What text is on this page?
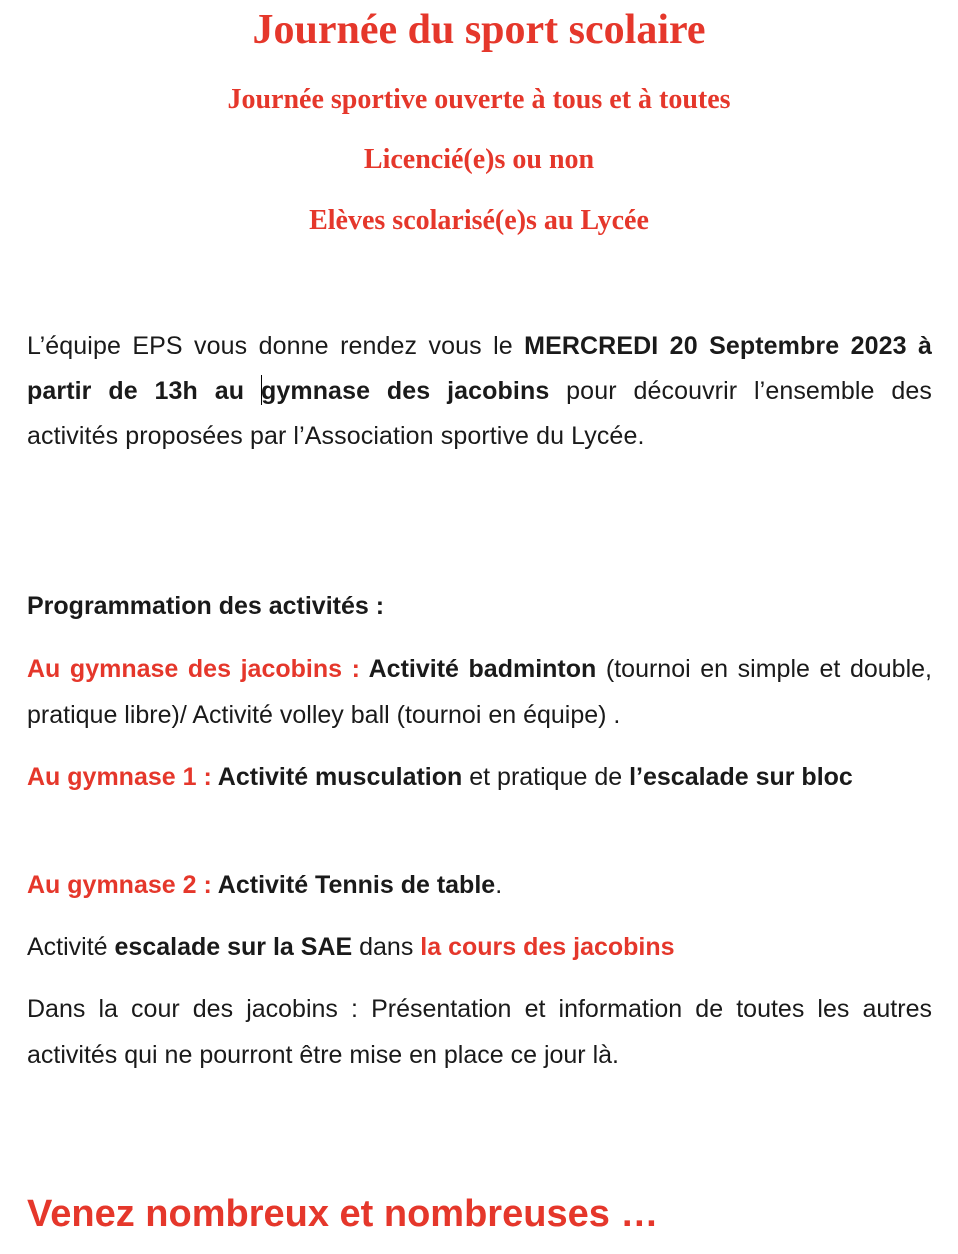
Journée du sport scolaire

Journée sportive ouverte à tous et à toutes

Licencié(e)s ou non

Elèves scolarisé(e)s au Lycée

L’équipe EPS vous donne rendez vous le MERCREDI 20 Septembre 2023 à partir de 13h au gymnase des jacobins pour découvrir l’ensemble des activités proposées par l’Association sportive du Lycée.

Programmation des activités :

Au gymnase des jacobins : Activité badminton (tournoi en simple et double, pratique libre)/ Activité volley ball (tournoi en équipe) .

Au gymnase 1 : Activité musculation et pratique de l’escalade sur bloc

Au gymnase 2 : Activité Tennis de table.

Activité escalade sur la SAE dans la cours des jacobins

Dans la cour des jacobins : Présentation et information de toutes les autres activités qui ne pourront être mise en place ce jour là.

Venez nombreux et nombreuses …
